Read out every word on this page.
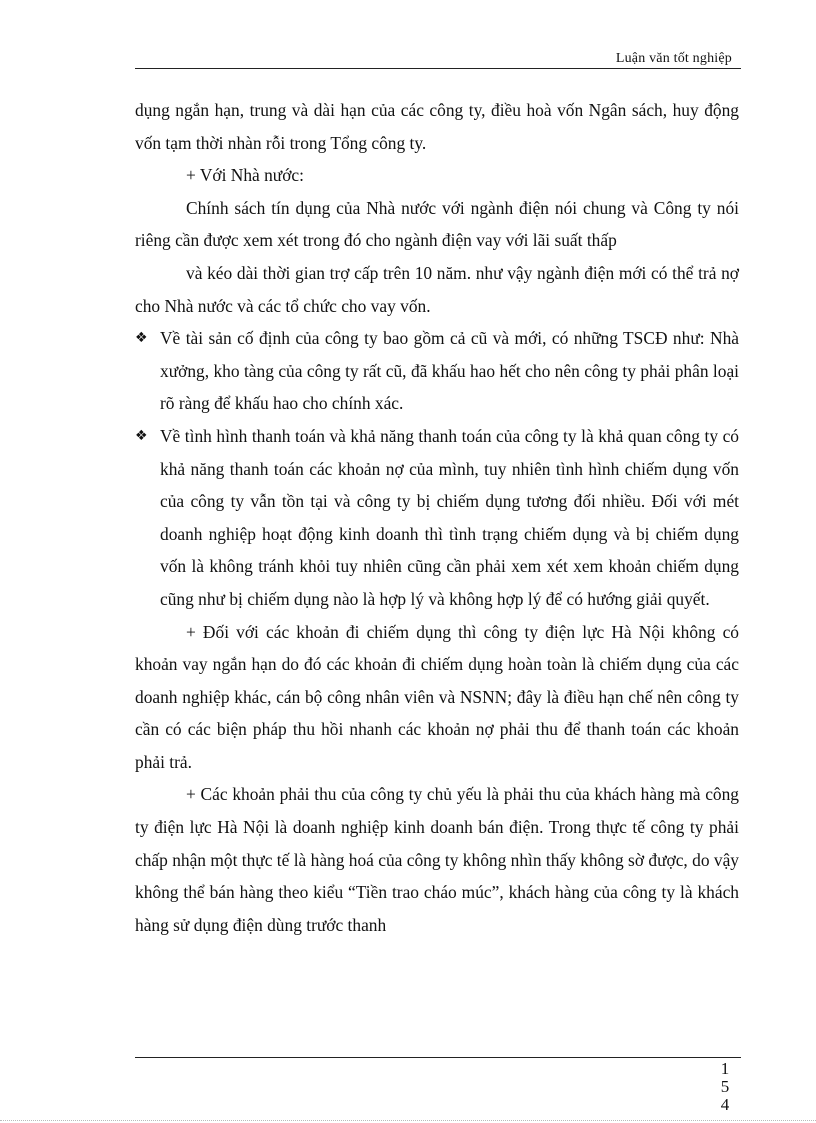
Luận văn tốt nghiệp

dụng ngắn hạn, trung và dài hạn của các công ty, điều hoà vốn Ngân sách, huy động vốn tạm thời nhàn rỗi trong Tổng công ty.

+ Với Nhà nước:

Chính sách tín dụng của Nhà nước với ngành điện nói chung và Công ty nói riêng cần được xem xét trong đó cho ngành điện vay với lãi suất thấp

và kéo dài thời gian trợ cấp trên 10 năm. như vậy ngành điện mới có thể trả nợ cho Nhà nước và các tổ chức cho vay vốn.

❖ Về tài sản cố định của công ty bao gồm cả cũ và mới, có những TSCĐ như: Nhà xưởng, kho tàng của công ty rất cũ, đã khấu hao hết cho nên công ty phải phân loại rõ ràng để khấu hao cho chính xác.

❖ Về tình hình thanh toán và khả năng thanh toán của công ty là khả quan công ty có khả năng thanh toán các khoản nợ của mình, tuy nhiên tình hình chiếm dụng vốn của công ty vẫn tồn tại và công ty bị chiếm dụng tương đối nhiều. Đối với mét doanh nghiệp hoạt động kinh doanh thì tình trạng chiếm dụng và bị chiếm dụng vốn là không tránh khỏi tuy nhiên cũng cần phải xem xét xem khoản chiếm dụng cũng như bị chiếm dụng nào là hợp lý và không hợp lý để có hướng giải quyết.

+ Đối với các khoản đi chiếm dụng thì công ty điện lực Hà Nội không có khoản vay ngắn hạn do đó các khoản đi chiếm dụng hoàn toàn là chiếm dụng của các doanh nghiệp khác, cán bộ công nhân viên và NSNN; đây là điều hạn chế nên công ty cần có các biện pháp thu hồi nhanh các khoản nợ phải thu để thanh toán các khoản phải trả.

+ Các khoản phải thu của công ty chủ yếu là phải thu của khách hàng mà công ty điện lực Hà Nội là doanh nghiệp kinh doanh bán điện. Trong thực tế công ty phải chấp nhận một thực tế là hàng hoá của công ty không nhìn thấy không sờ được, do vậy không thể bán hàng theo kiểu “Tiền trao cháo múc”, khách hàng của công ty là khách hàng sử dụng điện dùng trước thanh

154
